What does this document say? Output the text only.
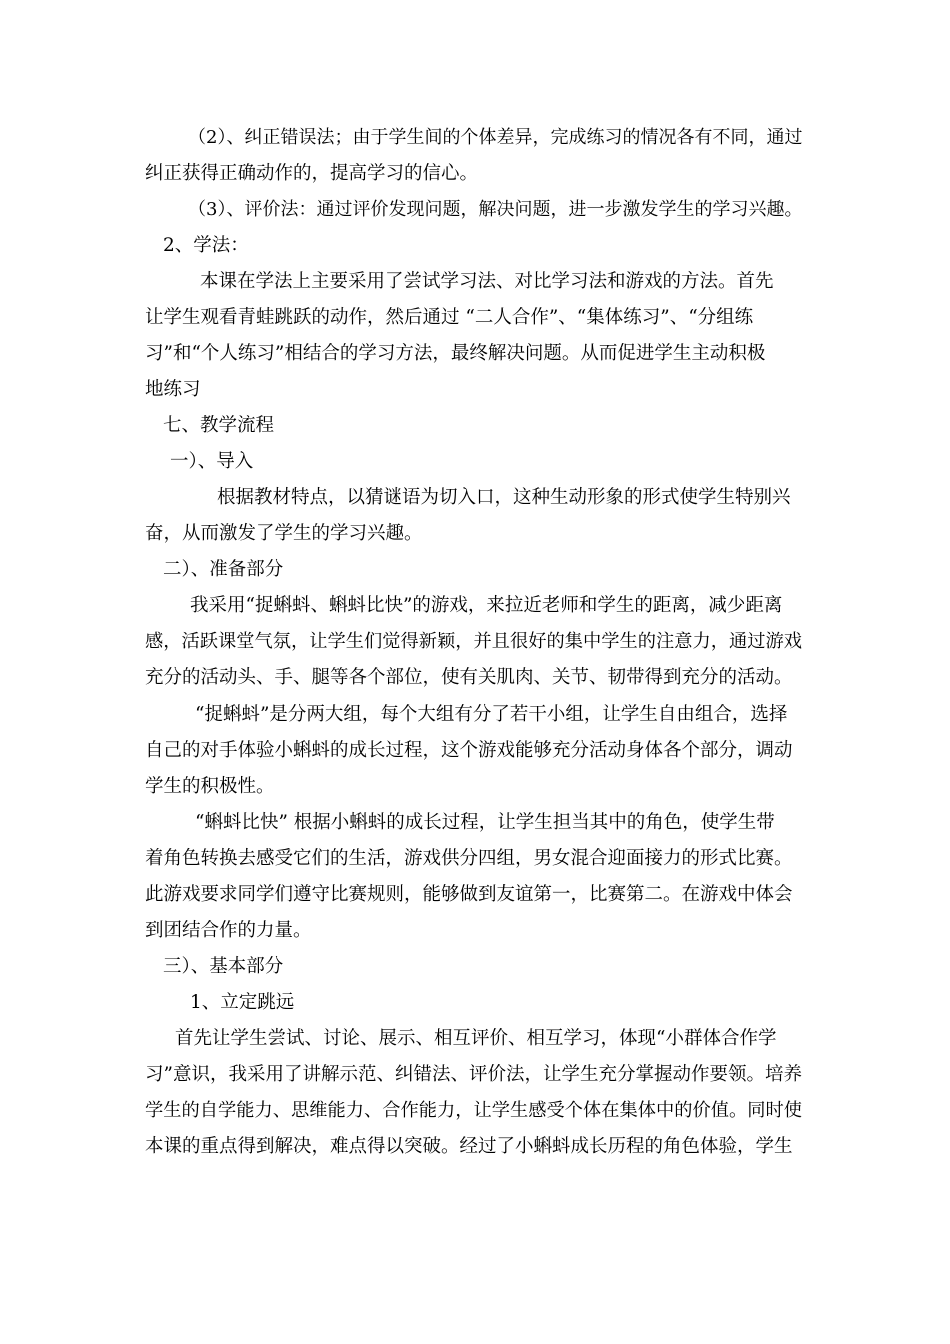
（2）、纠正错误法；由于学生间的个体差异，完成练习的情况各有不同，通过
纠正获得正确动作的，提高学习的信心。
（3）、评价法：通过评价发现问题，解决问题，进一步激发学生的学习兴趣。
2、学法：
本课在学法上主要采用了尝试学习法、对比学习法和游戏的方法。首先
让学生观看青蛙跳跃的动作，然后通过 “二人合作”、“集体练习”、“分组练
习”和“个人练习”相结合的学习方法，最终解决问题。从而促进学生主动积极
地练习
七、教学流程
一）、导入
根据教材特点，以猜谜语为切入口，这种生动形象的形式使学生特别兴
奋，从而激发了学生的学习兴趣。
二）、准备部分
我采用“捉蝌蚪、蝌蚪比快”的游戏，来拉近老师和学生的距离，减少距离
感，活跃课堂气氛，让学生们觉得新颖，并且很好的集中学生的注意力，通过游戏
充分的活动头、手、腿等各个部位，使有关肌肉、关节、韧带得到充分的活动。
“捉蝌蚪”是分两大组，每个大组有分了若干小组，让学生自由组合，选择
自己的对手体验小蝌蚪的成长过程，这个游戏能够充分活动身体各个部分，调动
学生的积极性。
“蝌蚪比快” 根据小蝌蚪的成长过程，让学生担当其中的角色，使学生带
着角色转换去感受它们的生活，游戏供分四组，男女混合迎面接力的形式比赛。
此游戏要求同学们遵守比赛规则，能够做到友谊第一，比赛第二。在游戏中体会
到团结合作的力量。
三）、基本部分
1、立定跳远
首先让学生尝试、讨论、展示、相互评价、相互学习，体现“小群体合作学
习”意识，我采用了讲解示范、纠错法、评价法，让学生充分掌握动作要领。培养
学生的自学能力、思维能力、合作能力，让学生感受个体在集体中的价值。同时使
本课的重点得到解决，难点得以突破。经过了小蝌蚪成长历程的角色体验，学生
